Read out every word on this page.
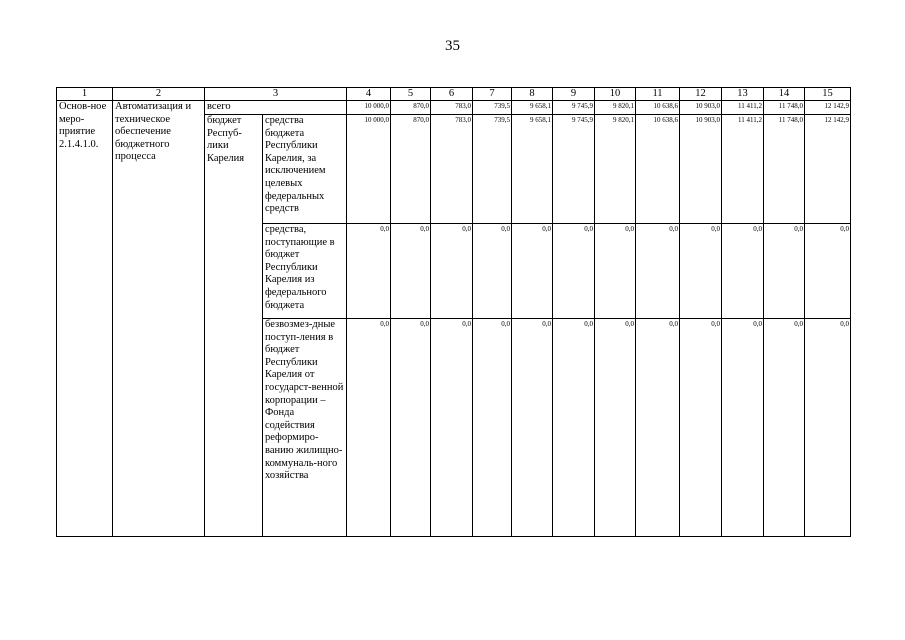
35
1	2	3		4	5	6	7	8	9	10	11	12	13	14	15
Основ-ное меро-приятие 2.1.4.1.0.	Автоматизация и техническое обеспечение бюджетного процесса	всего		10 000,0	870,0	783,0	739,5	9 658,1	9 745,9	9 820,1	10 638,6	10 903,0	11 411,2	11 748,0	12 142,9
		бюджет Респуб-лики Карелия	средства бюджета Республики Карелия, за исключением целевых федеральных средств	10 000,0	870,0	783,0	739,5	9 658,1	9 745,9	9 820,1	10 638,6	10 903,0	11 411,2	11 748,0	12 142,9
			средства, поступающие в бюджет Республики Карелия из федерального бюджета	0,0	0,0	0,0	0,0	0,0	0,0	0,0	0,0	0,0	0,0	0,0	0,0
			безвозмез-дные поступ-ления в бюджет Республики Карелия от государст-венной корпорации – Фонда содействия реформиро-ванию жилищно-коммуналь-ного хозяйства	0,0	0,0	0,0	0,0	0,0	0,0	0,0	0,0	0,0	0,0	0,0	0,0
